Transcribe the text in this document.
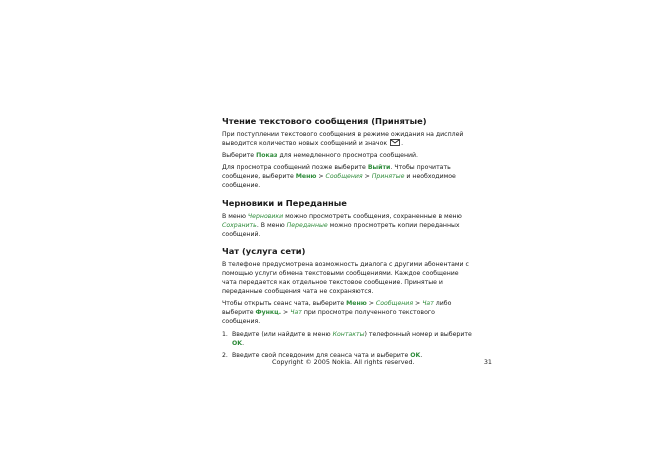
Чтение текстового сообщения (Принятые)

При поступлении текстового сообщения в режиме ожидания на дисплей выводится количество новых сообщений и значок .

Выберите Показ для немедленного просмотра сообщений.

Для просмотра сообщений позже выберите Выйти. Чтобы прочитать сообщение, выберите Меню > Сообщения > Принятые и необходимое сообщение.

Черновики и Переданные

В меню Черновики можно просмотреть сообщения, сохраненные в меню Сохранить. В меню Переданные можно просмотреть копии переданных сообщений.

Чат (услуга сети)

В телефоне предусмотрена возможность диалога с другими абонентами с помощью услуги обмена текстовыми сообщениями. Каждое сообщение чата передается как отдельное текстовое сообщение. Принятые и переданные сообщения чата не сохраняются.

Чтобы открыть сеанс чата, выберите Меню > Сообщения > Чат либо выберите Функц. > Чат при просмотре полученного текстового сообщения.

1. Введите (или найдите в меню Контакты) телефонный номер и выберите OK.
2. Введите свой псевдоним для сеанса чата и выберите OK.
Copyright © 2005 Nokia. All rights reserved.	31
